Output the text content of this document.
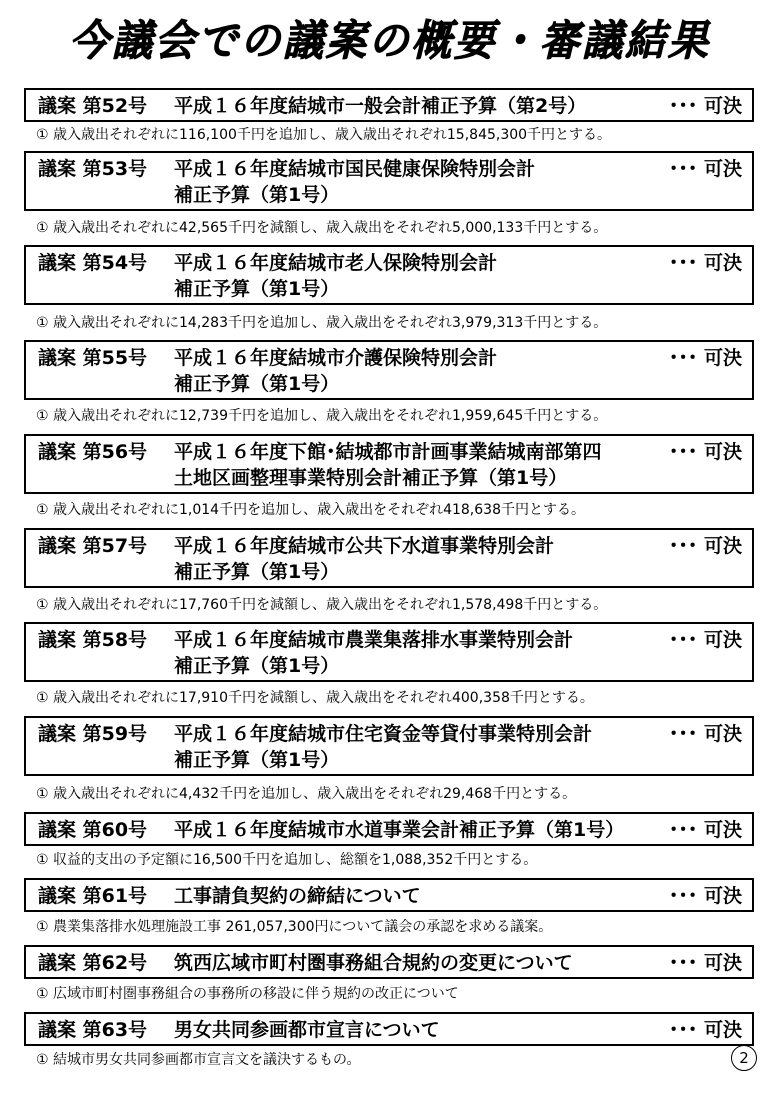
今議会での議案の概要・審議結果
議案 第52号 平成１６年度結城市一般会計補正予算（第2号）	･･･ 可決
① 歳入歳出それぞれに116,100千円を追加し、歳入歳出それぞれ15,845,300千円とする。
議案 第53号 平成１６年度結城市国民健康保険特別会計
補正予算（第1号）
･･･ 可決
① 歳入歳出それぞれに42,565千円を減額し、歳入歳出をそれぞれ5,000,133千円とする。
議案 第54号 平成１６年度結城市老人保険特別会計
補正予算（第1号）
･･･ 可決
① 歳入歳出それぞれに14,283千円を追加し、歳入歳出をそれぞれ3,979,313千円とする。
議案 第55号 平成１６年度結城市介護保険特別会計
補正予算（第1号）
･･･ 可決
① 歳入歳出それぞれに12,739千円を追加し、歳入歳出をそれぞれ1,959,645千円とする。
議案 第56号 平成１６年度下館･結城都市計画事業結城南部第四
土地区画整理事業特別会計補正予算（第1号）
･･･ 可決
① 歳入歳出それぞれに1,014千円を追加し、歳入歳出をそれぞれ418,638千円とする。
議案 第57号 平成１６年度結城市公共下水道事業特別会計
補正予算（第1号）
･･･ 可決
① 歳入歳出それぞれに17,760千円を減額し、歳入歳出をそれぞれ1,578,498千円とする。
議案 第58号 平成１６年度結城市農業集落排水事業特別会計
補正予算（第1号）
･･･ 可決
① 歳入歳出それぞれに17,910千円を減額し、歳入歳出をそれぞれ400,358千円とする。
議案 第59号 平成１６年度結城市住宅資金等貸付事業特別会計
補正予算（第1号）
･･･ 可決
① 歳入歳出それぞれに4,432千円を追加し、歳入歳出をそれぞれ29,468千円とする。
議案 第60号 平成１６年度結城市水道事業会計補正予算（第1号） ･･･ 可決
① 収益的支出の予定額に16,500千円を追加し、総額を1,088,352千円とする。
議案 第61号 工事請負契約の締結について	･･･ 可決
① 農業集落排水処理施設工事 261,057,300円について議会の承認を求める議案。
議案 第62号 筑西広域市町村圏事務組合規約の変更について	･･･ 可決
① 広域市町村圏事務組合の事務所の移設に伴う規約の改正について
議案 第63号 男女共同参画都市宣言について	･･･ 可決
① 結城市男女共同参画都市宣言文を議決するもの。	2
